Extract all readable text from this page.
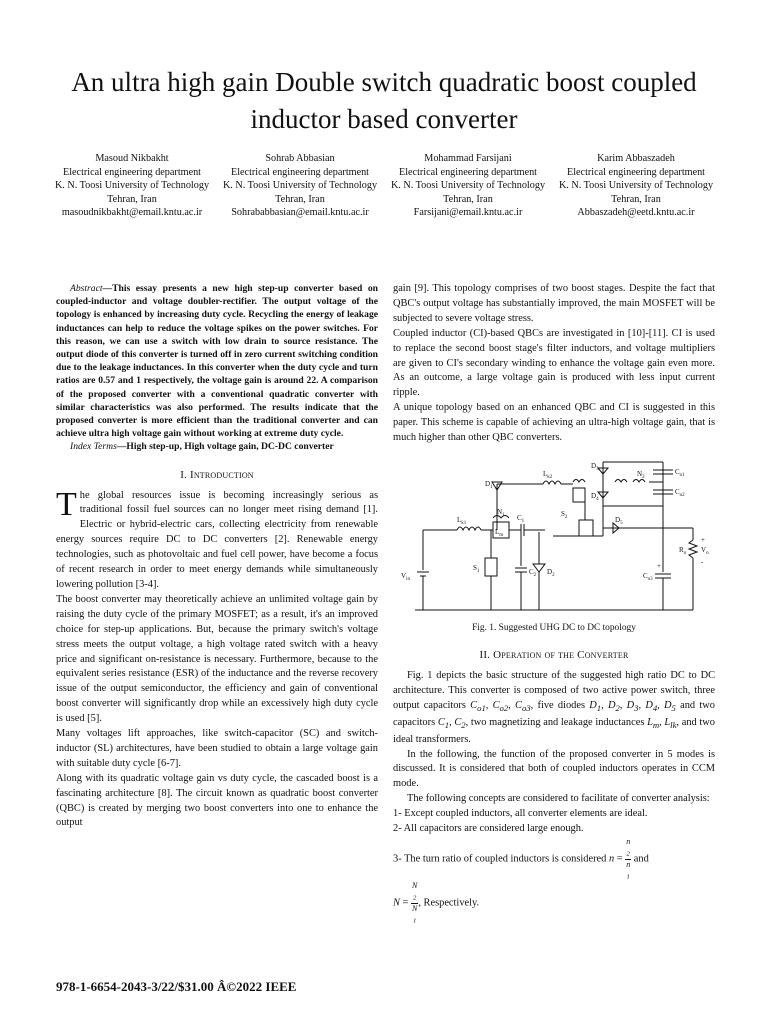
An ultra high gain Double switch quadratic boost coupled inductor based converter
Masoud Nikbakht
Electrical engineering department
K. N. Toosi University of Technology
Tehran, Iran
masoudnikbakht@email.kntu.ac.ir
Sohrab Abbasian
Electrical engineering department
K. N. Toosi University of Technology
Tehran, Iran
Sohrababbasian@email.kntu.ac.ir
Mohammad Farsijani
Electrical engineering department
K. N. Toosi University of Technology
Tehran, Iran
Farsijani@email.kntu.ac.ir
Karim Abbaszadeh
Electrical engineering department
K. N. Toosi University of Technology
Tehran, Iran
Abbaszadeh@eetd.kntu.ac.ir

Abstract—This essay presents a new high step-up converter based on coupled-inductor and voltage doubler-rectifier. The output voltage of the topology is enhanced by increasing duty cycle. Recycling the energy of leakage inductances can help to reduce the voltage spikes on the power switches. For this reason, we can use a switch with low drain to source resistance. The output diode of this converter is turned off in zero current switching condition due to the leakage inductances. In this converter when the duty cycle and turn ratios are 0.57 and 1 respectively, the voltage gain is around 22. A comparison of the proposed converter with a conventional quadratic converter with similar characteristics was also performed. The results indicate that the proposed converter is more efficient than the traditional converter and can achieve ultra high voltage gain without working at extreme duty cycle.

Index Terms—High step-up, High voltage gain, DC-DC converter

I. Introduction

The global resources issue is becoming increasingly serious as traditional fossil fuel sources can no longer meet rising demand [1]. Electric or hybrid-electric cars, collecting electricity from renewable energy sources require DC to DC converters [2]. Renewable energy technologies, such as photovoltaic and fuel cell power, have become a focus of recent research in order to meet energy demands while simultaneously lowering pollution [3-4].

The boost converter may theoretically achieve an unlimited voltage gain by raising the duty cycle of the primary MOSFET; as a result, it's an improved choice for step-up applications. But, because the primary switch's voltage stress meets the output voltage, a high voltage rated switch with a heavy price and significant on-resistance is necessary. Furthermore, because to the equivalent series resistance (ESR) of the inductance and the reverse recovery issue of the output semiconductor, the efficiency and gain of conventional boost converter will significantly drop while an excessively high duty cycle is used [5].

Many voltages lift approaches, like switch-capacitor (SC) and switch-inductor (SL) architectures, have been studied to obtain a large voltage gain with suitable duty cycle [6-7].

Along with its quadratic voltage gain vs duty cycle, the cascaded boost is a fascinating architecture [8]. The circuit known as quadratic boost converter (QBC) is created by merging two boost converters into one to enhance the output

gain [9]. This topology comprises of two boost stages. Despite the fact that QBC's output voltage has substantially improved, the main MOSFET will be subjected to severe voltage stress.

Coupled inductor (CI)-based QBCs are investigated in [10]-[11]. CI is used to replace the second boost stage's filter inductors, and voltage multipliers are given to CI's secondary winding to enhance the voltage gain even more. As an outcome, a large voltage gain is produced with less input current ripple.

A unique topology based on an enhanced QBC and CI is suggested in this paper. This scheme is capable of achieving an ultra-high voltage gain, that is much higher than other QBC converters.

$V_{in}$
$L_{k1}$
$L_m$
$N_1$
$S_1$
$C_1$
$C_2$ $D_2$
$D_1$
$L_{k2}$
$S_2$
$D_3$
$D_4$
$N_2$
$C_{o1}$
$C_{o2}$
$D_5$
$C_{o3}$
$R_o$ $V_o$
+
-
+
Fig. 1. Suggested UHG DC to DC topology
II. Operation of the Converter

Fig. 1 depicts the basic structure of the suggested high ratio DC to DC architecture. This converter is composed of two active power switch, three output capacitors $C_{o1}$, $C_{o2}$, $C_{o3}$, five diodes $D_1$, $D_2$, $D_3$, $D_4$, $D_5$ and two capacitors $C_1$, $C_2$, two magnetizing and leakage inductances $L_m$, $L_{lk}$, and two ideal transformers.

In the following, the function of the proposed converter in 5 modes is discussed. It is considered that both of coupled inductors operates in CCM mode.

The following concepts are considered to facilitate of converter analysis:

1- Except coupled inductors, all converter elements are ideal.

2- All capacitors are considered large enough.

3- The turn ratio of coupled inductors is considered n = n
$_2$
n
$_1$ and
N = N
$_2$
N
$_1$ , Respectively.

978-1-6654-2043-3/22/$31.00 Â©2022 IEEE
